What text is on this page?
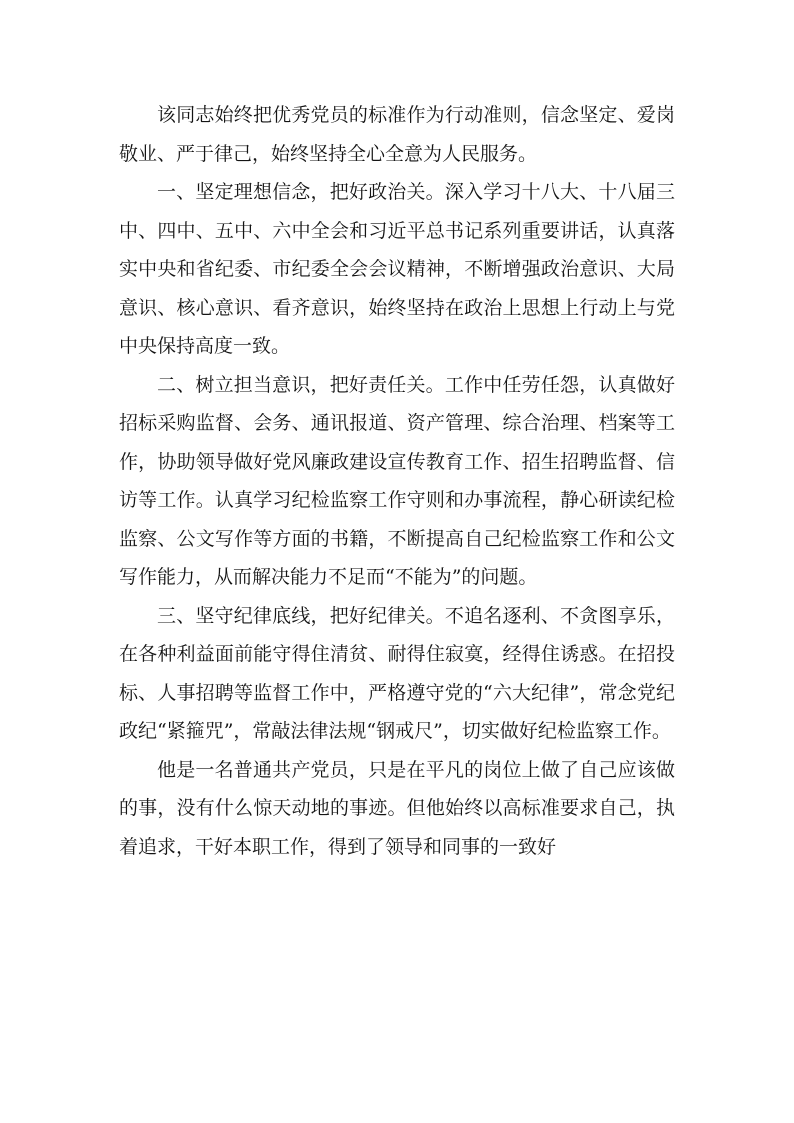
该同志始终把优秀党员的标准作为行动准则，信念坚定、爱岗敬业、严于律己，始终坚持全心全意为人民服务。

一、坚定理想信念，把好政治关。深入学习十八大、十八届三中、四中、五中、六中全会和习近平总书记系列重要讲话，认真落实中央和省纪委、市纪委全会会议精神，不断增强政治意识、大局意识、核心意识、看齐意识，始终坚持在政治上思想上行动上与党中央保持高度一致。

二、树立担当意识，把好责任关。工作中任劳任怨，认真做好招标采购监督、会务、通讯报道、资产管理、综合治理、档案等工作，协助领导做好党风廉政建设宣传教育工作、招生招聘监督、信访等工作。认真学习纪检监察工作守则和办事流程，静心研读纪检监察、公文写作等方面的书籍，不断提高自己纪检监察工作和公文写作能力，从而解决能力不足而“不能为”的问题。

三、坚守纪律底线，把好纪律关。不追名逐利、不贪图享乐，在各种利益面前能守得住清贫、耐得住寂寞，经得住诱惑。在招投标、人事招聘等监督工作中，严格遵守党的“六大纪律”，常念党纪政纪“紧箍咒”，常敲法律法规“钢戒尺”，切实做好纪检监察工作。

他是一名普通共产党员，只是在平凡的岗位上做了自己应该做的事，没有什么惊天动地的事迹。但他始终以高标准要求自己，执着追求，干好本职工作，得到了领导和同事的一致好
